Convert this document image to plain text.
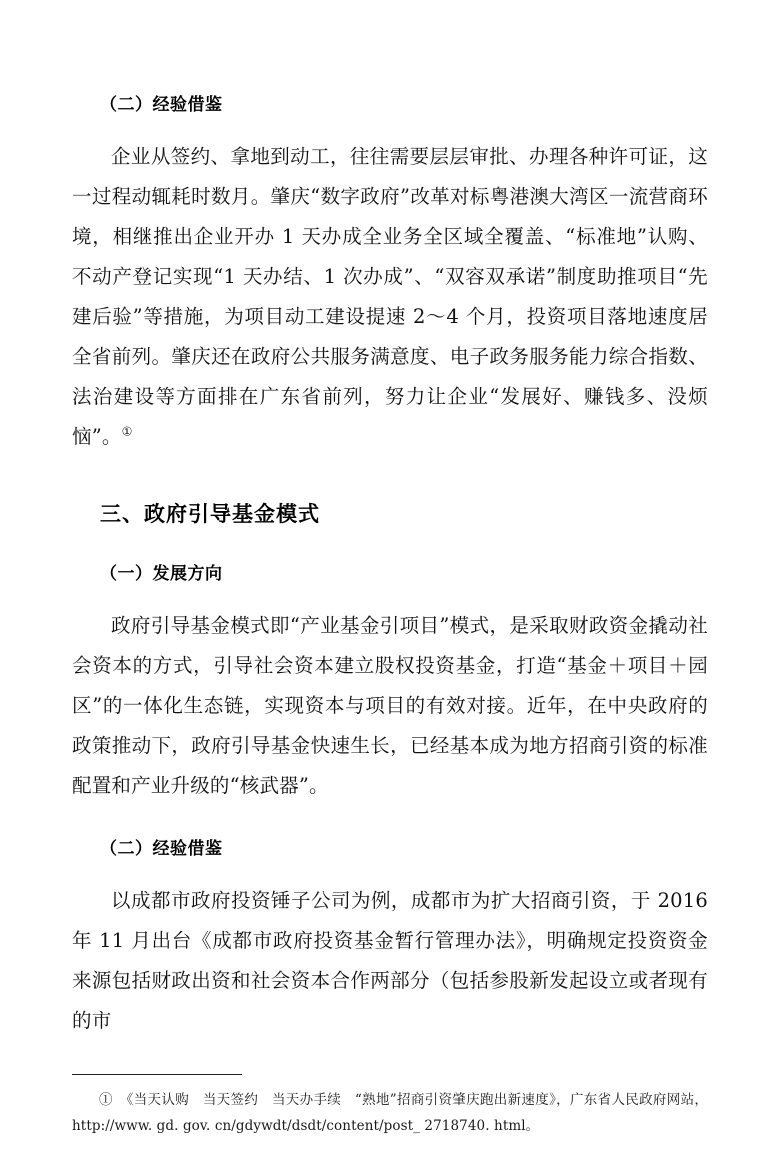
（二）经验借鉴

企业从签约、拿地到动工，往往需要层层审批、办理各种许可证，这一过程动辄耗时数月。肇庆“数字政府”改革对标粤港澳大湾区一流营商环境，相继推出企业开办 1 天办成全业务全区域全覆盖、“标准地”认购、不动产登记实现“1 天办结、1 次办成”、“双容双承诺”制度助推项目“先建后验”等措施，为项目动工建设提速 2～4 个月，投资项目落地速度居全省前列。肇庆还在政府公共服务满意度、电子政务服务能力综合指数、法治建设等方面排在广东省前列，努力让企业“发展好、赚钱多、没烦恼”。①

三、政府引导基金模式
（一）发展方向

政府引导基金模式即“产业基金引项目”模式，是采取财政资金撬动社会资本的方式，引导社会资本建立股权投资基金，打造“基金＋项目＋园区”的一体化生态链，实现资本与项目的有效对接。近年，在中央政府的政策推动下，政府引导基金快速生长，已经基本成为地方招商引资的标准配置和产业升级的“核武器”。

（二）经验借鉴

以成都市政府投资锤子公司为例，成都市为扩大招商引资，于 2016 年 11 月出台《成都市政府投资基金暂行管理办法》，明确规定投资资金来源包括财政出资和社会资本合作两部分（包括参股新发起设立或者现有的市

①　 《当天认购　当天签约　当天办手续　“熟地”招商引资肇庆跑出新速度》，广东省人民政府网站，http://www. gd. gov. cn/gdywdt/dsdt/content/post_ 2718740. html。
